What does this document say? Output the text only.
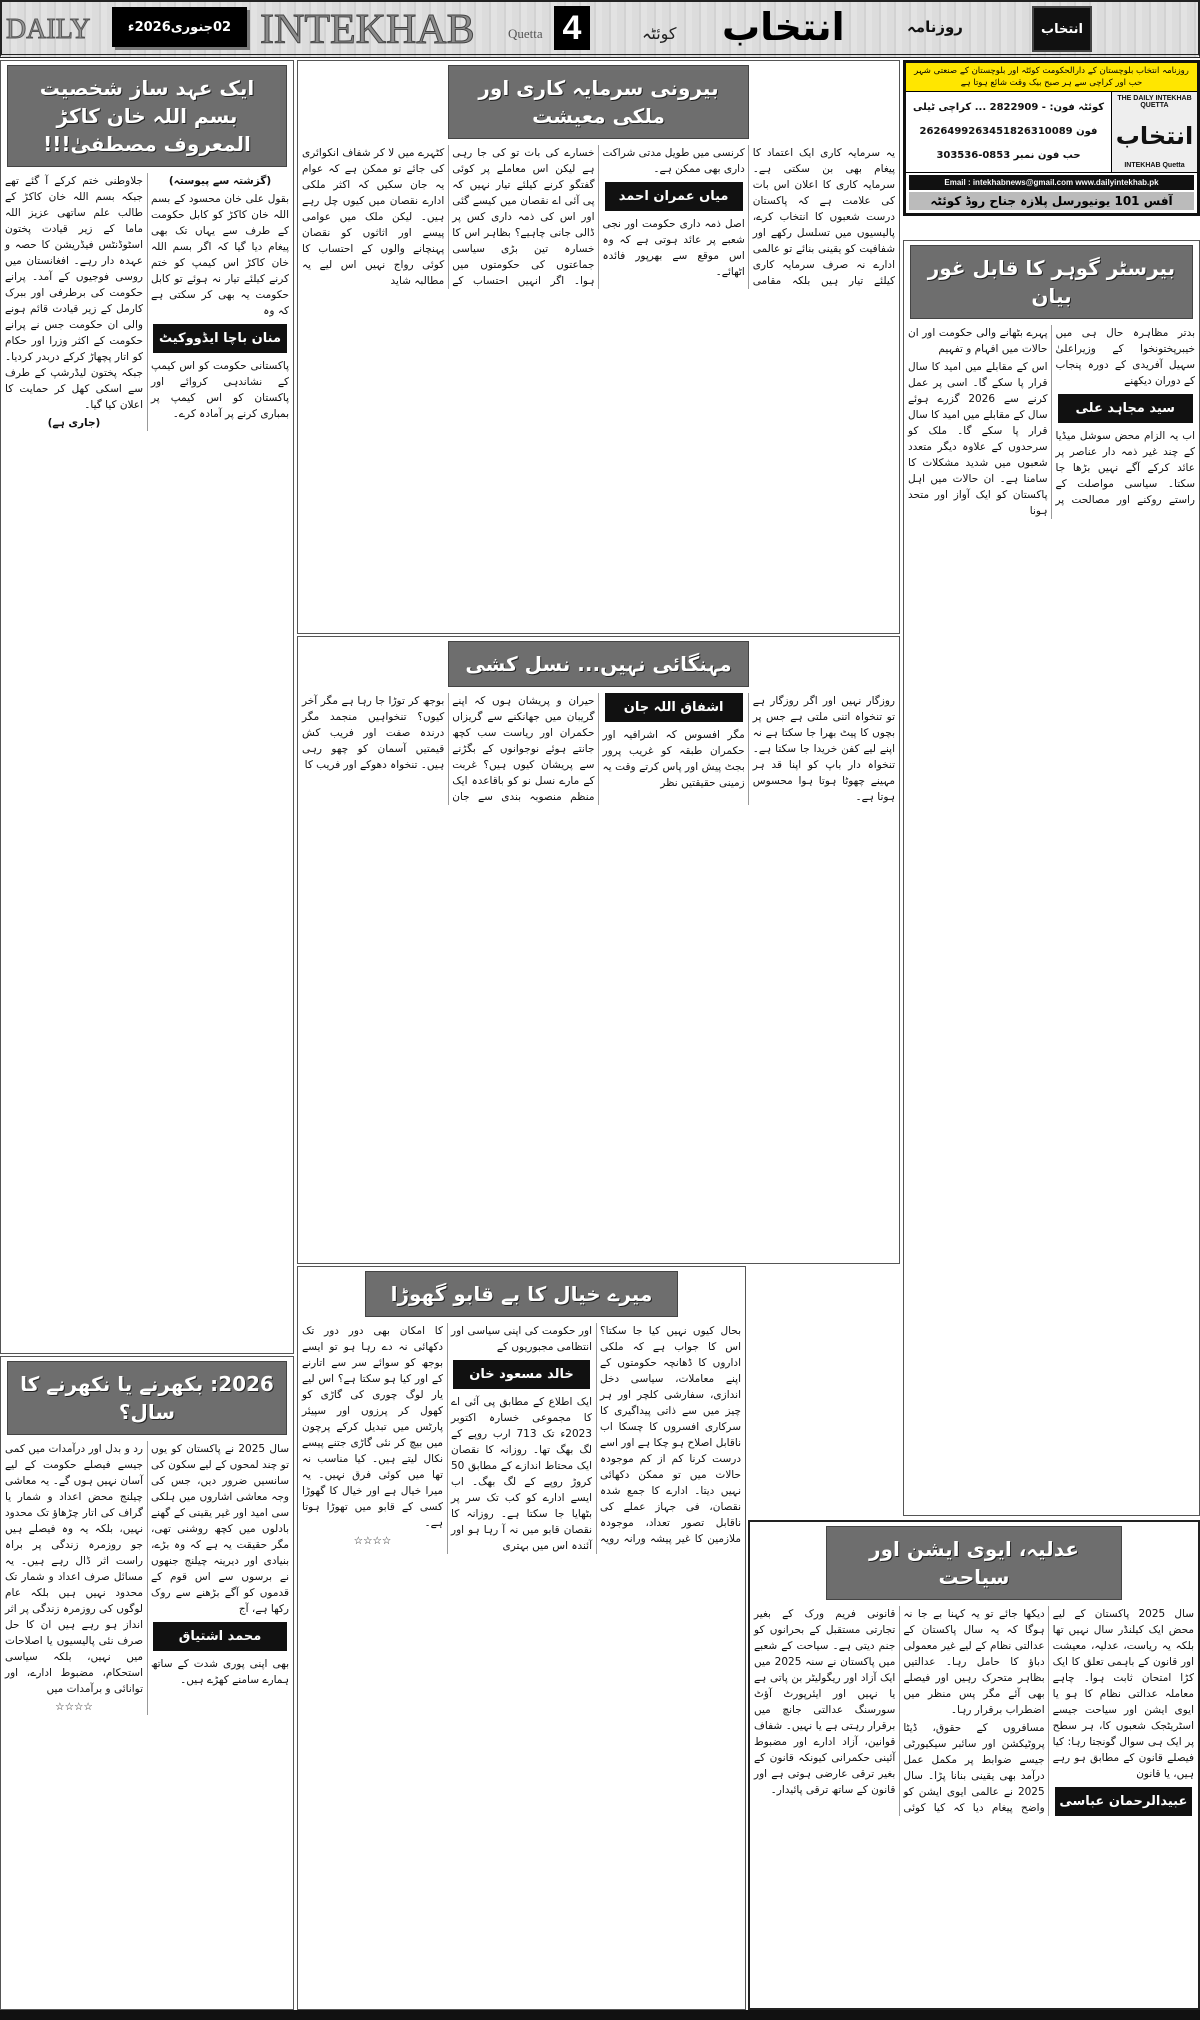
DAILY	02جنوری2026ء INTEKHAB	Quetta 4	کوئٹہ انتخاب	روزنامہ	انتخاب
روزنامہ انتخاب بلوچستان کے دارالحکومت کوئٹہ اور بلوچستان کے صنعتی شہر حب اور کراچی سے ہر صبح بیک وقت شائع ہوتا ہے
کوئٹہ فون: - 2822909 ... کراچی ٹیلی
فون 2626499263451826310089
حب فون نمبر 0853-303536
THE DAILY INTEKHAB QUETTA
انتخاب
INTEKHAB Quetta
Email : intekhabnews@gmail.com www.dailyintekhab.pk
آفس 101 یونیورسل پلازہ جناح روڈ کوئٹہ
ایک عہد ساز شخصیت
بسم اللہ خان کاکڑ المعروف مصطفیٰ!!!

(گزشتہ سے پیوستہ)

بقول علی خان محسود کے بسم اللہ خان کاکڑ کو کابل حکومت کے طرف سے یہاں تک بھی پیغام دیا گیا کہ اگر بسم اللہ خان کاکڑ اس کیمپ کو ختم کرنے کیلئے تیار نہ ہوئے تو کابل حکومت یہ بھی کر سکتی ہے کہ وہ

منان باچا ایڈووکیٹ

پاکستانی حکومت کو اس کیمپ کے نشاندہی کروائے اور پاکستان کو اس کیمپ پر بمباری کرنے پر آمادہ کرے۔

جلاوطنی ختم کرکے آ گئے تھے جبکہ بسم اللہ خان کاکڑ کے طالب علم ساتھی عزیز اللہ ماما کے زیر قیادت پختون اسٹوڈنٹس فیڈریشن کا حصہ و عہدہ دار رہے۔ افغانستان میں روسی فوجیوں کے آمد۔ پرانے حکومت کی برطرفی اور ببرک کارمل کے زیر قیادت قائم ہونے والی ان حکومت جس نے پرانے حکومت کے اکثر وزرا اور حکام کو اتار پچھاڑ کرکے دربدر کردیا۔ جبکہ پختون لیڈرشپ کے طرف سے اسکی کھل کر حمایت کا اعلان کیا گیا۔

(جاری ہے)

2026: بکھرنے یا نکھرنے کا سال؟

سال 2025 نے پاکستان کو یوں تو چند لمحوں کے لیے سکون کی سانسیں ضرور دیں، جس کی وجہ معاشی اشاروں میں ہلکی سی امید اور غیر یقینی کے گھنے بادلوں میں کچھ روشنی تھی، مگر حقیقت یہ ہے کہ وہ بڑے، بنیادی اور دیرینہ چیلنج جنھوں نے برسوں سے اس قوم کے قدموں کو آگے بڑھنے سے روک رکھا ہے، آج

محمد اشتیاق

بھی اپنی پوری شدت کے ساتھ ہمارے سامنے کھڑے ہیں۔

رد و بدل اور درآمدات میں کمی جیسے فیصلے حکومت کے لیے آسان نہیں ہوں گے۔ یہ معاشی چیلنج محض اعداد و شمار یا گراف کی اتار چڑھاؤ تک محدود نہیں، بلکہ یہ وہ فیصلے ہیں جو روزمرہ زندگی پر براہ راست اثر ڈال رہے ہیں۔ یہ مسائل صرف اعداد و شمار تک محدود نہیں ہیں بلکہ عام لوگوں کی روزمرہ زندگی پر اثر انداز ہو رہے ہیں ان کا حل صرف نئی پالیسیوں یا اصلاحات میں نہیں، بلکہ سیاسی استحکام، مضبوط ادارے، اور توانائی و برآمدات میں

☆☆☆☆

بیرونی سرمایہ کاری اور ملکی معیشت

یہ سرمایہ کاری ایک اعتماد کا پیغام بھی بن سکتی ہے۔ سرمایہ کاری کا اعلان اس بات کی علامت ہے کہ پاکستان درست شعبوں کا انتخاب کرے، پالیسیوں میں تسلسل رکھے اور شفافیت کو یقینی بنائے تو عالمی ادارے نہ صرف سرمایہ کاری کیلئے تیار ہیں بلکہ مقامی کرنسی میں طویل مدتی شراکت داری بھی ممکن ہے۔

میاں عمران احمد

اصل ذمہ داری حکومت اور نجی شعبے پر عائد ہوتی ہے کہ وہ اس موقع سے بھرپور فائدہ اٹھائے۔

خسارے کی بات تو کی جا رہی ہے لیکن اس معاملے پر کوئی گفتگو کرنے کیلئے تیار نہیں کہ پی آئی اے نقصان میں کیسے گئی اور اس کی ذمہ داری کس پر ڈالی جانی چاہیے؟ بظاہر اس کا خسارہ تین بڑی سیاسی جماعتوں کی حکومتوں میں ہوا۔ اگر انہیں احتساب کے کٹہرے میں لا کر شفاف انکوائری کی جائے تو ممکن ہے کہ عوام یہ جان سکیں کہ اکثر ملکی ادارے نقصان میں کیوں چل رہے ہیں۔ لیکن ملک میں عوامی پیسے اور اثاثوں کو نقصان پہنچانے والوں کے احتساب کا کوئی رواج نہیں اس لیے یہ مطالبہ شاید

مہنگائی نہیں... نسل کشی

روزگار نہیں اور اگر روزگار ہے تو تنخواہ اتنی ملتی ہے جس پر بچوں کا پیٹ بھرا جا سکتا ہے نہ اپنے لیے کفن خریدا جا سکتا ہے۔ تنخواہ دار باپ کو اپنا قد ہر مہینے چھوٹا ہوتا ہوا محسوس ہوتا ہے۔

اشفاق اللہ جان

مگر افسوس کہ اشرافیہ اور حکمران طبقہ کو غریب پرور بجٹ پیش اور پاس کرتے وقت یہ زمینی حقیقتیں نظر

حیران و پریشان ہوں کہ اپنے گریبان میں جھانکنے سے گریزاں حکمران اور ریاست سب کچھ جانتے ہوئے نوجوانوں کے بگڑنے سے پریشان کیوں ہیں؟ غربت کے مارے نسل نو کو باقاعدہ ایک منظم منصوبہ بندی سے جان بوجھ کر توڑا جا رہا ہے مگر آخر کیوں؟ تنخواہیں منجمد مگر درندہ صفت اور فریب کش قیمتیں آسمان کو چھو رہی ہیں۔ تنخواہ دھوکے اور فریب کا

میرے خیال کا بے قابو گھوڑا

بحال کیوں نہیں کیا جا سکتا؟ اس کا جواب ہے کہ ملکی اداروں کا ڈھانچہ حکومتوں کے اپنے معاملات، سیاسی دخل اندازی، سفارشی کلچر اور ہر چیز میں سے ذاتی پیداگیری کا سرکاری افسروں کا چسکا اب ناقابل اصلاح ہو چکا ہے اور اسے درست کرنا کم از کم موجودہ حالات میں تو ممکن دکھائی نہیں دیتا۔ ادارے کا جمع شدہ نقصان، فی جہاز عملے کی ناقابل تصور تعداد، موجودہ ملازمین کا غیر پیشہ ورانہ رویہ اور حکومت کی اپنی سیاسی اور انتظامی مجبوریوں کے

خالد مسعود خان

ایک اطلاع کے مطابق پی آئی اے کا مجموعی خسارہ اکتوبر 2023ء تک 713 ارب روپے کے لگ بھگ تھا۔ روزانہ کا نقصان ایک محتاط اندازے کے مطابق 50 کروڑ روپے کے لگ بھگ۔ اب ایسے ادارے کو کب تک سر پر بٹھایا جا سکتا ہے۔ روزانہ کا نقصان قابو میں نہ آ رہا ہو اور آئندہ اس میں بہتری

کا امکان بھی دور دور تک دکھائی نہ دے رہا ہو تو ایسے بوجھ کو سوائے سر سے اتارنے کے اور کیا ہو سکتا ہے؟ اس لیے یار لوگ چوری کی گاڑی کو کھول کر پرزوں اور سپیئر پارٹس میں تبدیل کرکے پرچون میں بیچ کر نئی گاڑی جتنے پیسے نکال لیتے ہیں۔ کیا مناسب نہ تھا میں کوئی فرق نہیں۔ یہ میرا خیال ہے اور خیال کا گھوڑا کسی کے قابو میں تھوڑا ہوتا ہے۔

☆☆☆☆

بیرسٹر گوہر کا قابل غور بیان

بدتر مظاہرہ حال ہی میں خیبرپختونخوا کے وزیراعلیٰ سہیل آفریدی کے دورہ پنجاب کے دوران دیکھنے

سید مجاہد علی

اب یہ الزام محض سوشل میڈیا کے چند غیر ذمہ دار عناصر پر عائد کرکے آگے نہیں بڑھا جا سکتا۔ سیاسی مواصلت کے راستے روکنے اور مصالحت پر پہرے بٹھانے والی حکومت اور ان حالات میں افہام و تفہیم

اس کے مقابلے میں امید کا سال قرار پا سکے گا۔ اسی پر عمل کرنے سے 2026 گزرے ہوئے سال کے مقابلے میں امید کا سال قرار پا سکے گا۔ ملک کو سرحدوں کے علاوہ دیگر متعدد شعبوں میں شدید مشکلات کا سامنا ہے۔ ان حالات میں اہل پاکستان کو ایک آواز اور متحد ہونا

عدلیہ، ایوی ایشن اور سیاحت

سال 2025 پاکستان کے لیے محض ایک کیلنڈر سال نہیں تھا بلکہ یہ ریاست، عدلیہ، معیشت اور قانون کے باہمی تعلق کا ایک کڑا امتحان ثابت ہوا۔ چاہے معاملہ عدالتی نظام کا ہو یا ایوی ایشن اور سیاحت جیسے اسٹریٹجک شعبوں کا، ہر سطح پر ایک ہی سوال گونجتا رہا: کیا فیصلے قانون کے مطابق ہو رہے ہیں، یا قانون

عبیدالرحمان عباسی

دیکھا جائے تو یہ کہنا بے جا نہ ہوگا کہ یہ سال پاکستان کے عدالتی نظام کے لیے غیر معمولی دباؤ کا حامل رہا۔ عدالتیں بظاہر متحرک رہیں اور فیصلے بھی آئے مگر پس منظر میں اضطراب برقرار رہا۔

مسافروں کے حقوق، ڈیٹا پروٹیکشن اور سائبر سیکیورٹی جیسے ضوابط پر مکمل عمل درآمد بھی یقینی بنانا پڑا۔ سال 2025 نے عالمی ایوی ایشن کو واضح پیغام دیا کہ کیا کوئی قانونی فریم ورک کے بغیر تجارتی مستقبل کے بحرانوں کو جنم دیتی ہے۔ سیاحت کے شعبے میں پاکستان نے سنہ 2025 میں ایک آزاد اور ریگولیٹر بن پاتی ہے یا نہیں اور ایئرپورٹ آؤٹ سورسنگ عدالتی جانچ میں برقرار رہتی ہے یا نہیں۔ شفاف قوانین، آزاد ادارے اور مضبوط آئینی حکمرانی کیونکہ قانون کے بغیر ترقی عارضی ہوتی ہے اور قانون کے ساتھ ترقی پائیدار۔
